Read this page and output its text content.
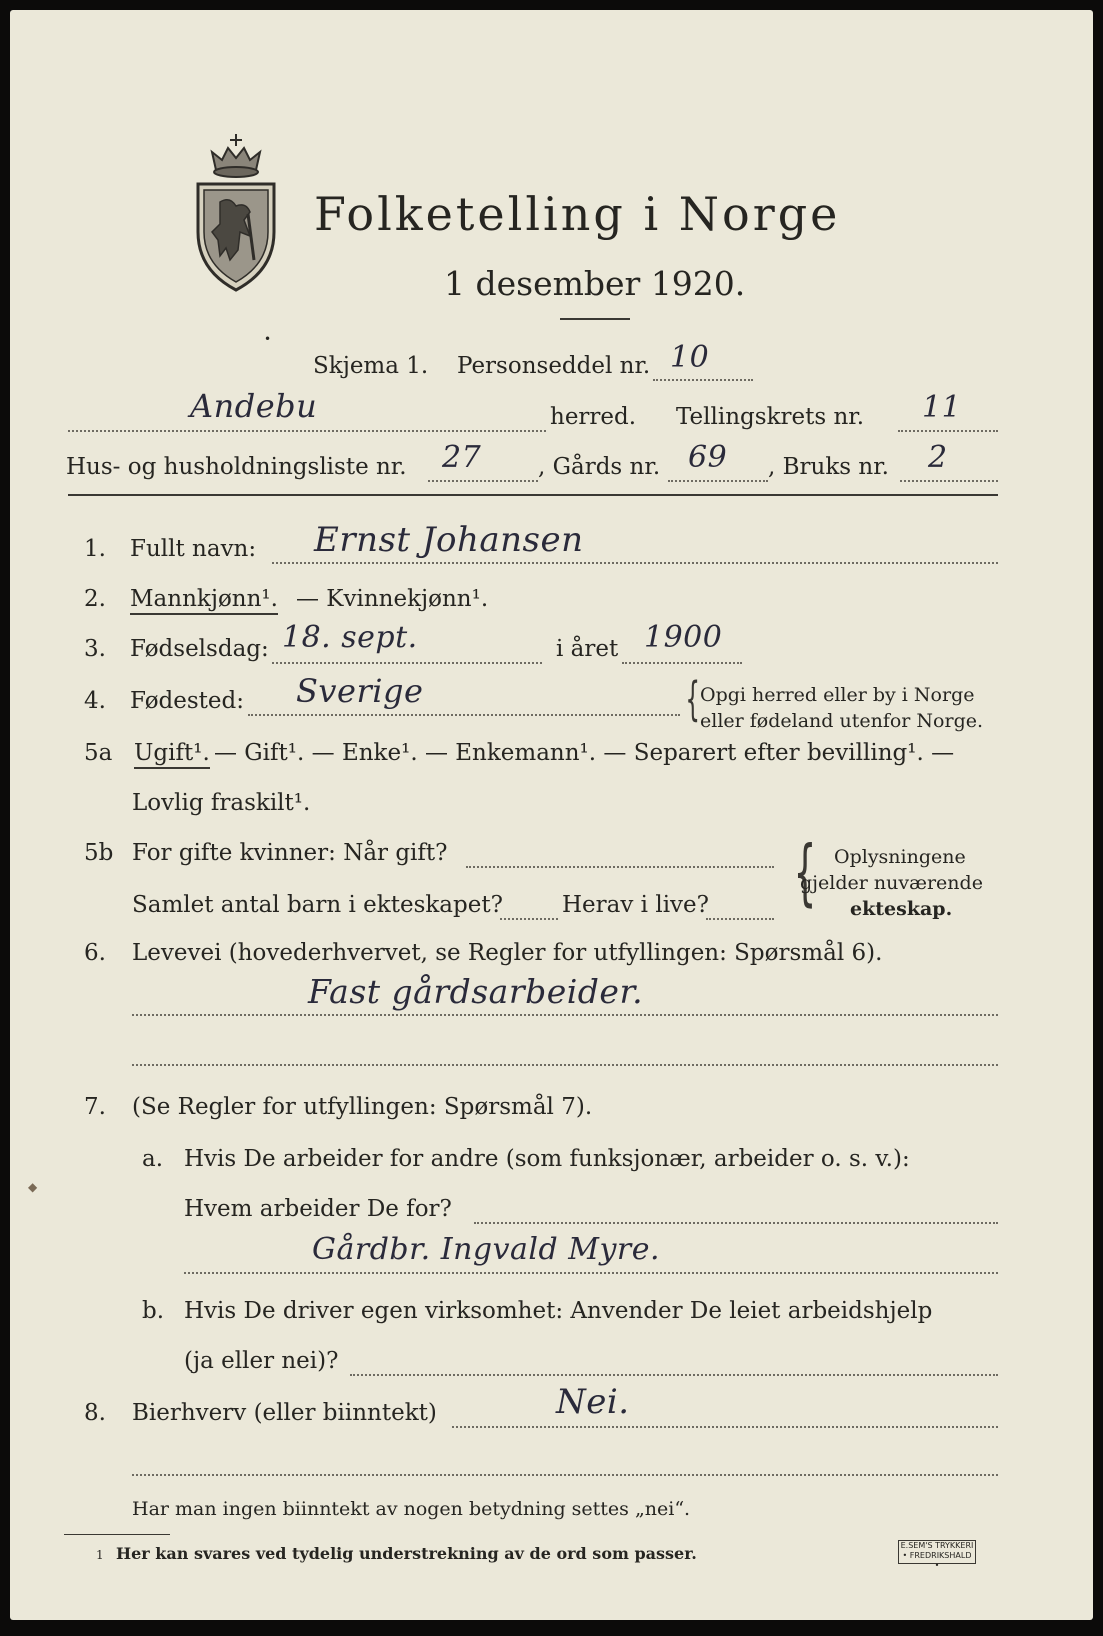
Folketelling i Norge
1 desember 1920.
•
Skjema 1. Personseddel nr. 10
Andebu	herred. Tellingskrets nr. 11
Hus- og husholdningsliste nr. 27 , Gårds nr. 69 , Bruks nr. 2
1. Fullt navn: Ernst Johansen
2. Mannkjønn¹. — Kvinnekjønn¹.
3. Fødselsdag: 18. sept.	i året 1900
4. Fødested: Sverige	{ Opgi herred eller by i Norge
eller fødeland utenfor Norge.
5a Ugift¹. — Gift¹. — Enke¹. — Enkemann¹. — Separert efter bevilling¹. —
Lovlig fraskilt¹.
5b For gifte kvinner: Når gift?
Samlet antal barn i ekteskapet?	Herav i live? { Oplysningene
gjelder nuværende
ekteskap.
6. Levevei (hovederhvervet, se Regler for utfyllingen: Spørsmål 6).
Fast gårdsarbeider.
7. (Se Regler for utfyllingen: Spørsmål 7).
◆
a. Hvis De arbeider for andre (som funksjonær, arbeider o. s. v.):
Hvem arbeider De for?
Gårdbr. Ingvald Myre.
b. Hvis De driver egen virksomhet: Anvender De leiet arbeidshjelp
(ja eller nei)?
8. Bierhverv (eller biinntekt)	Nei.
Har man ingen biinntekt av nogen betydning settes „nei“.
1 Her kan svares ved tydelig understrekning av de ord som passer.	E.SEM'S TRYKKERI
• FREDRIKSHALD •
